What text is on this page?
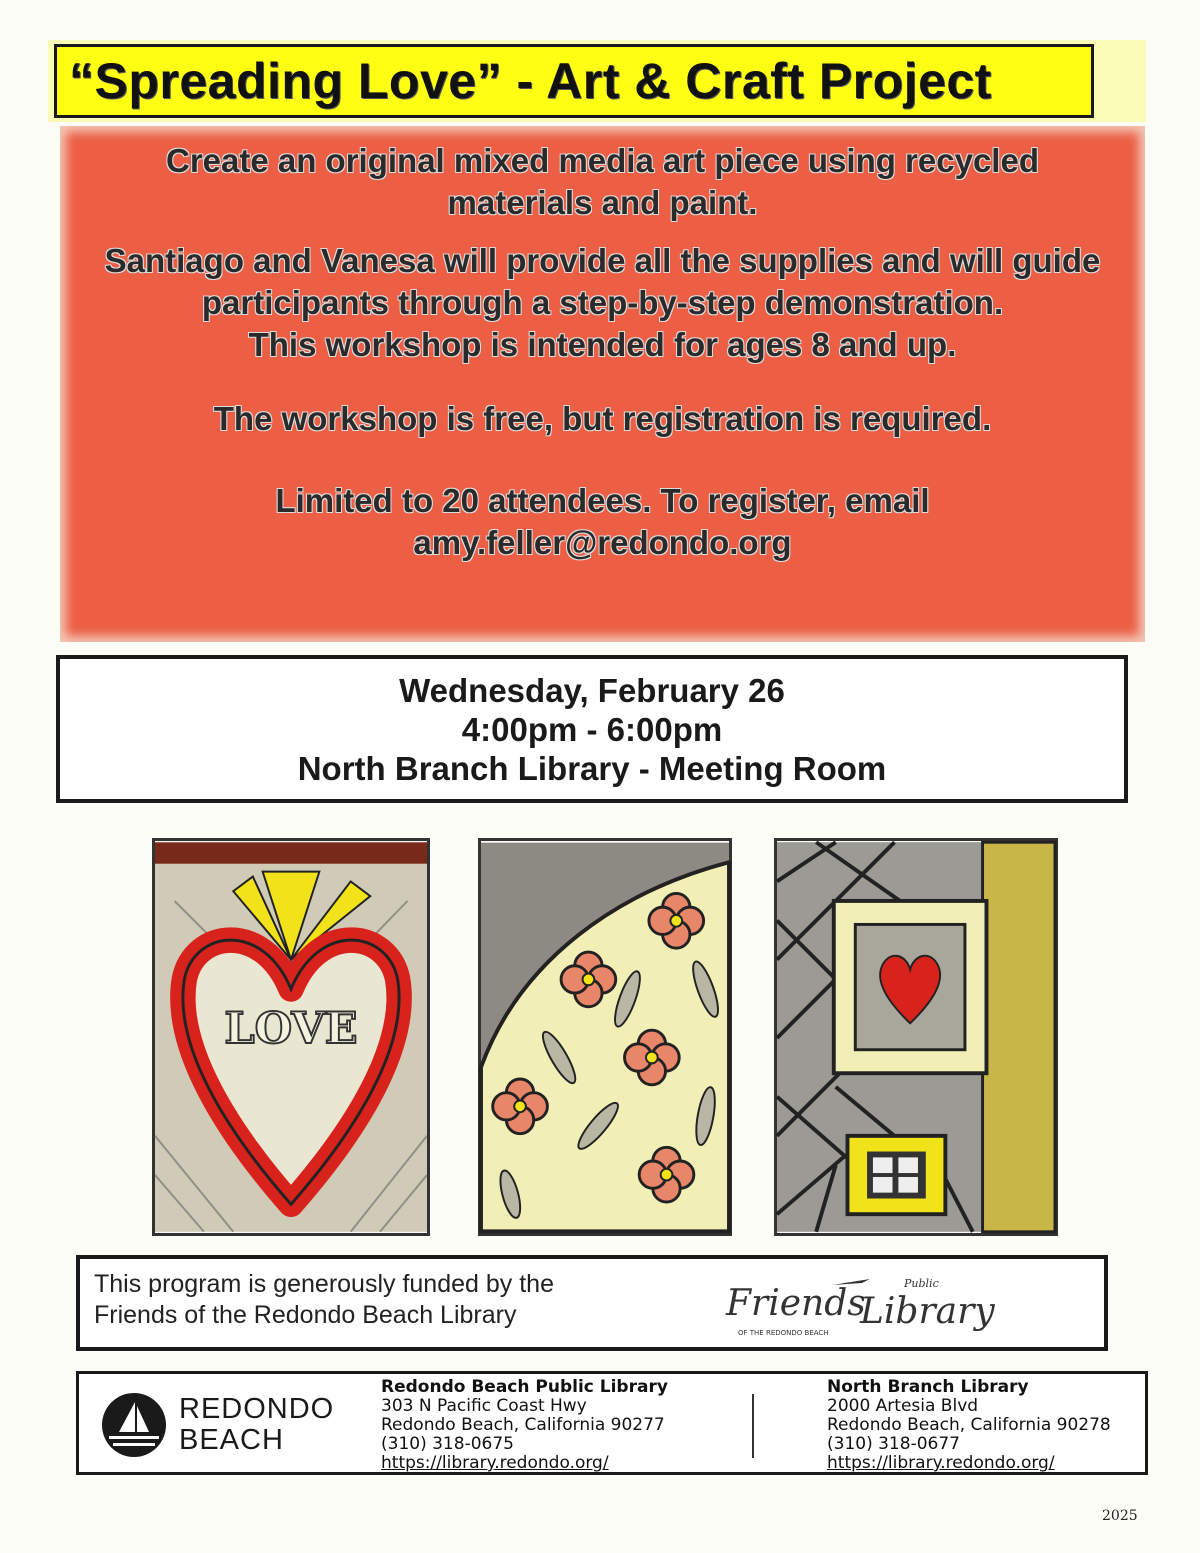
“Spreading Love” - Art & Craft Project

Create an original mixed media art piece using recycled

materials and paint.

Santiago and Vanesa will provide all the supplies and will guide

participants through a step-by-step demonstration.

This workshop is intended for ages 8 and up.

The workshop is free, but registration is required.

Limited to 20 attendees. To register, email

amy.feller@redondo.org

Wednesday, February 26
4:00pm - 6:00pm
North Branch Library - Meeting Room
LOVE
This program is generously funded by the
Friends of the Redondo Beach Library	Friends
Library
Public
OF THE REDONDO BEACH
REDONDO
BEACH
Redondo Beach Public Library
303 N Pacific Coast Hwy
Redondo Beach, California 90277
(310) 318-0675
https://library.redondo.org/
North Branch Library
2000 Artesia Blvd
Redondo Beach, California 90278
(310) 318-0677
https://library.redondo.org/
2025
